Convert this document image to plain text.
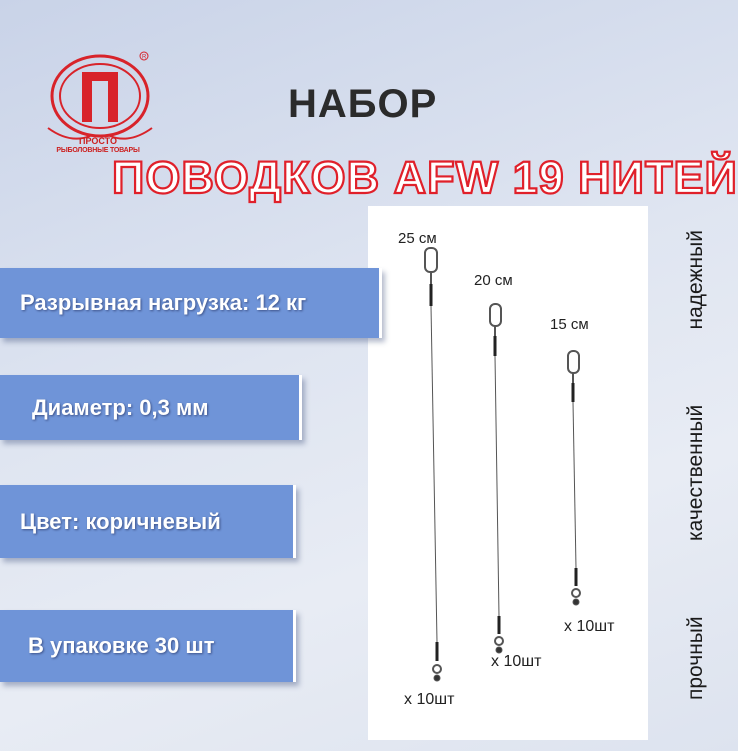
R
ПРОСТО
РЫБОЛОВНЫЕ ТОВАРЫ
НАБОР
ПОВОДКОВ AFW 19 НИТЕЙ
25 см
20 см
15 см
x 10шт
x 10шт
x 10шт
Разрывная нагрузка: 12 кг
Диаметр: 0,3 мм
Цвет: коричневый
В упаковке 30 шт	прочный
качественный
надежный
